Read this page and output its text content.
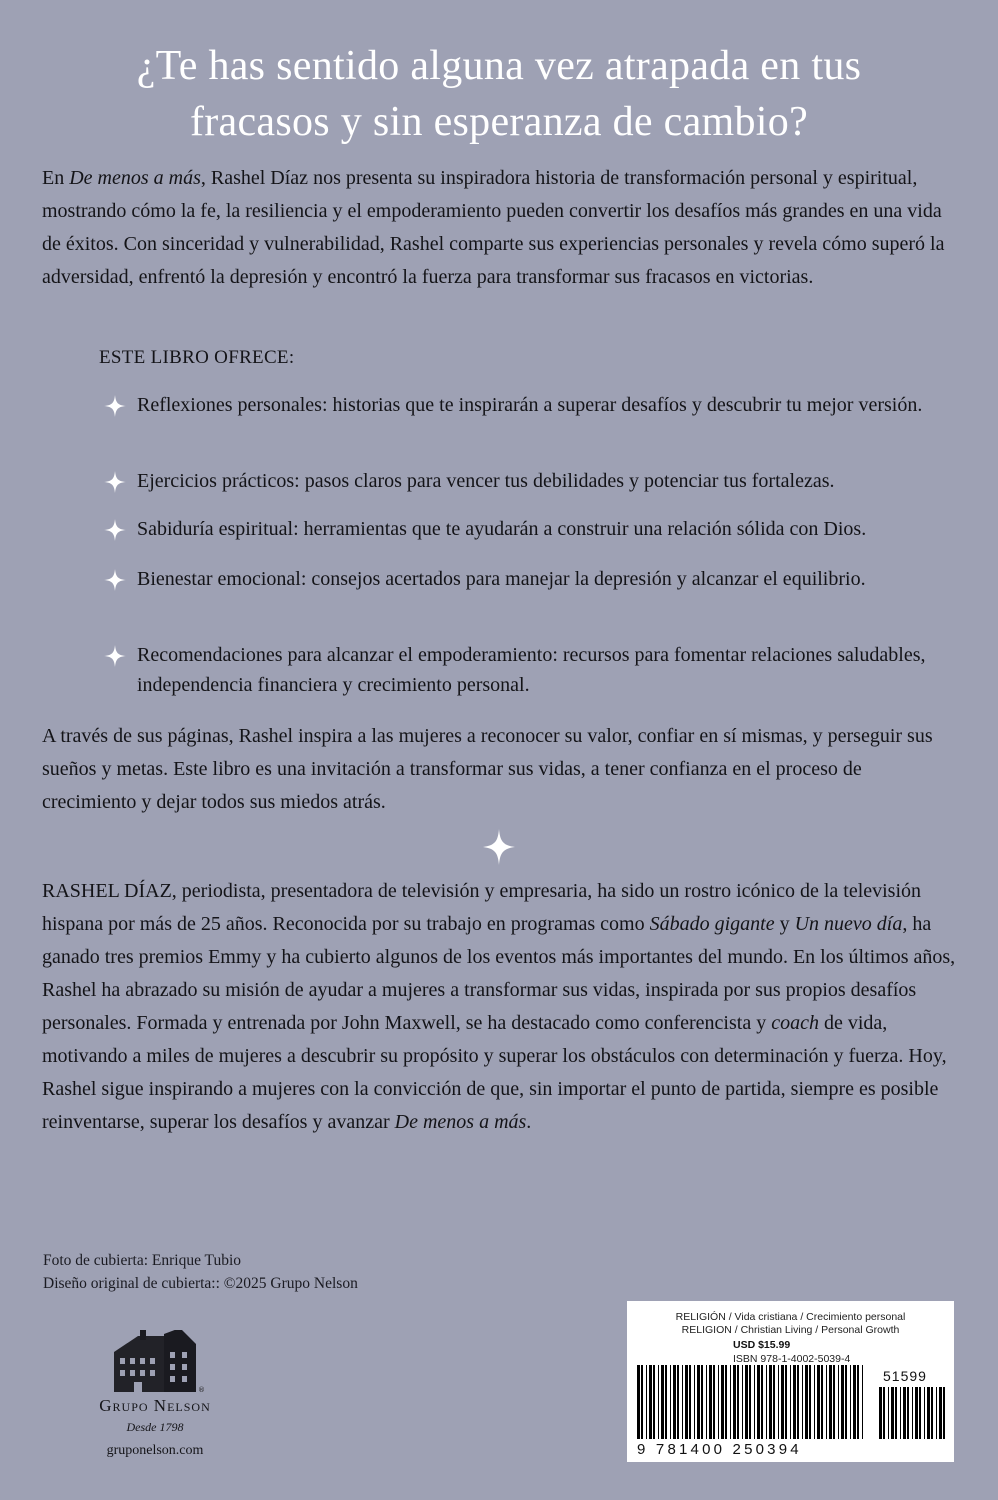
¿Te has sentido alguna vez atrapada en tus
fracasos y sin esperanza de cambio?

En De menos a más, Rashel Díaz nos presenta su inspiradora historia de transformación personal y espiritual, mostrando cómo la fe, la resiliencia y el empoderamiento pueden convertir los desafíos más grandes en una vida de éxitos. Con sinceridad y vulnerabilidad, Rashel comparte sus experiencias personales y revela cómo superó la adversidad, enfrentó la depresión y encontró la fuerza para transformar sus fracasos en victorias.

ESTE LIBRO OFRECE:

Reflexiones personales: historias que te inspirarán a superar desafíos y descubrir tu mejor versión.
Ejercicios prácticos: pasos claros para vencer tus debilidades y potenciar tus fortalezas.
Sabiduría espiritual: herramientas que te ayudarán a construir una relación sólida con Dios.
Bienestar emocional: consejos acertados para manejar la depresión y alcanzar el equilibrio.
Recomendaciones para alcanzar el empoderamiento: recursos para fomentar relaciones saludables, independencia financiera y crecimiento personal.

A través de sus páginas, Rashel inspira a las mujeres a reconocer su valor, confiar en sí mismas, y perseguir sus sueños y metas. Este libro es una invitación a transformar sus vidas, a tener confianza en el proceso de crecimiento y dejar todos sus miedos atrás.

RASHEL DÍAZ, periodista, presentadora de televisión y empresaria, ha sido un rostro icónico de la televisión hispana por más de 25 años. Reconocida por su trabajo en programas como Sábado gigante y Un nuevo día, ha ganado tres premios Emmy y ha cubierto algunos de los eventos más importantes del mundo. En los últimos años, Rashel ha abrazado su misión de ayudar a mujeres a transformar sus vidas, inspirada por sus propios desafíos personales. Formada y entrenada por John Maxwell, se ha destacado como conferencista y coach de vida, motivando a miles de mujeres a descubrir su propósito y superar los obstáculos con determinación y fuerza. Hoy, Rashel sigue inspirando a mujeres con la convicción de que, sin importar el punto de partida, siempre es posible reinventarse, superar los desafíos y avanzar De menos a más.

Foto de cubierta: Enrique Tubio
Diseño original de cubierta:: ©2025 Grupo Nelson
®
Grupo Nelson
Desde 1798
gruponelson.com
RELIGIÓN / Vida cristiana / Crecimiento personal
RELIGION / Christian Living / Personal Growth
USD $15.99
ISBN 978-1-4002-5039-4
51599
9 781400 250394
